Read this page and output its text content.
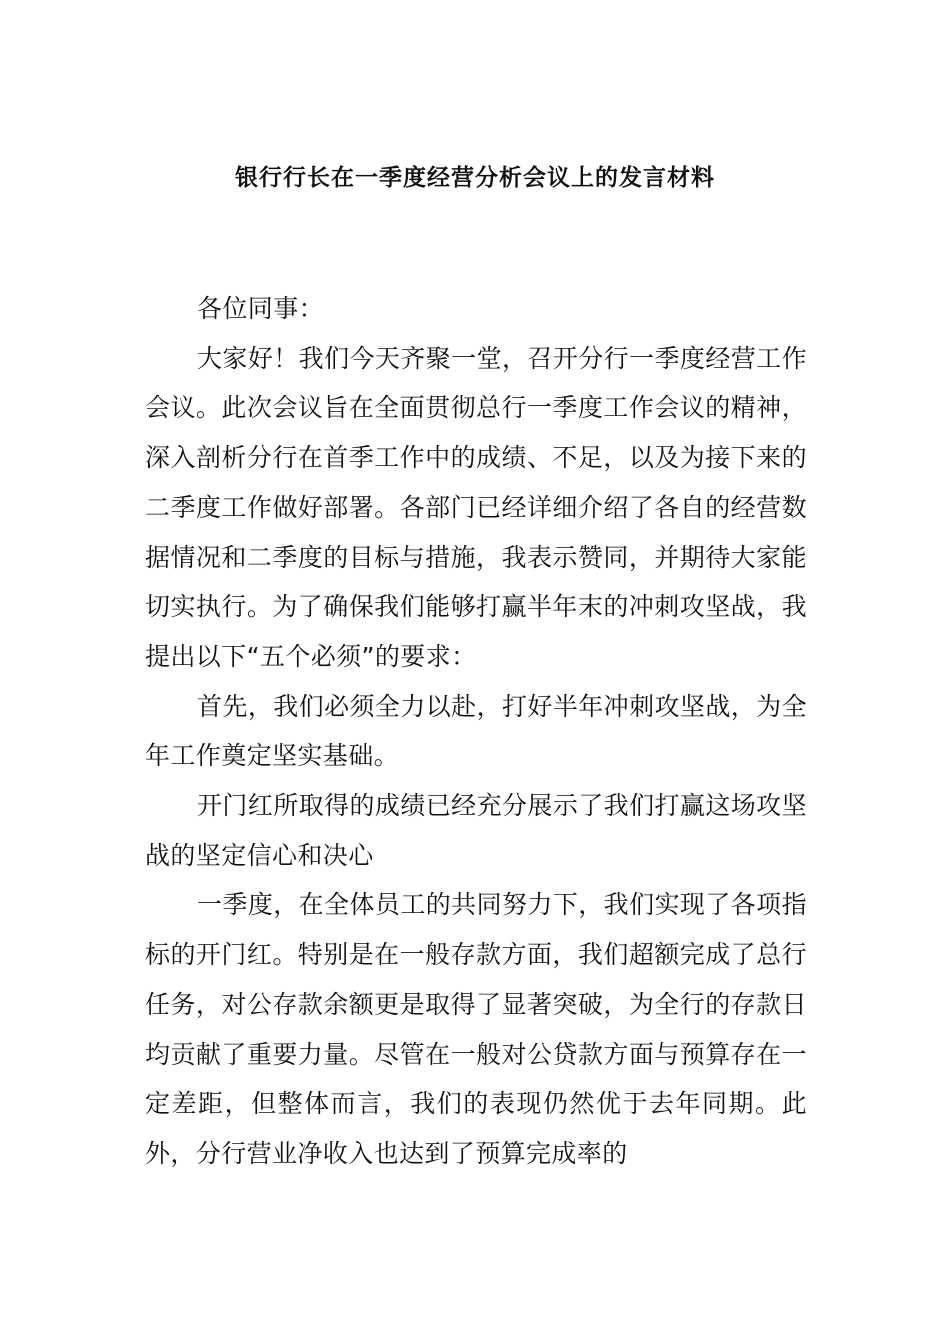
银行行长在一季度经营分析会议上的发言材料

各位同事：

大家好！我们今天齐聚一堂，召开分行一季度经营工作会议。此次会议旨在全面贯彻总行一季度工作会议的精神，深入剖析分行在首季工作中的成绩、不足，以及为接下来的二季度工作做好部署。各部门已经详细介绍了各自的经营数据情况和二季度的目标与措施，我表示赞同，并期待大家能切实执行。为了确保我们能够打赢半年末的冲刺攻坚战，我提出以下“五个必须”的要求：

首先，我们必须全力以赴，打好半年冲刺攻坚战，为全年工作奠定坚实基础。

开门红所取得的成绩已经充分展示了我们打赢这场攻坚战的坚定信心和决心

一季度，在全体员工的共同努力下，我们实现了各项指标的开门红。特别是在一般存款方面，我们超额完成了总行任务，对公存款余额更是取得了显著突破，为全行的存款日均贡献了重要力量。尽管在一般对公贷款方面与预算存在一定差距，但整体而言，我们的表现仍然优于去年同期。此外，分行营业净收入也达到了预算完成率的
